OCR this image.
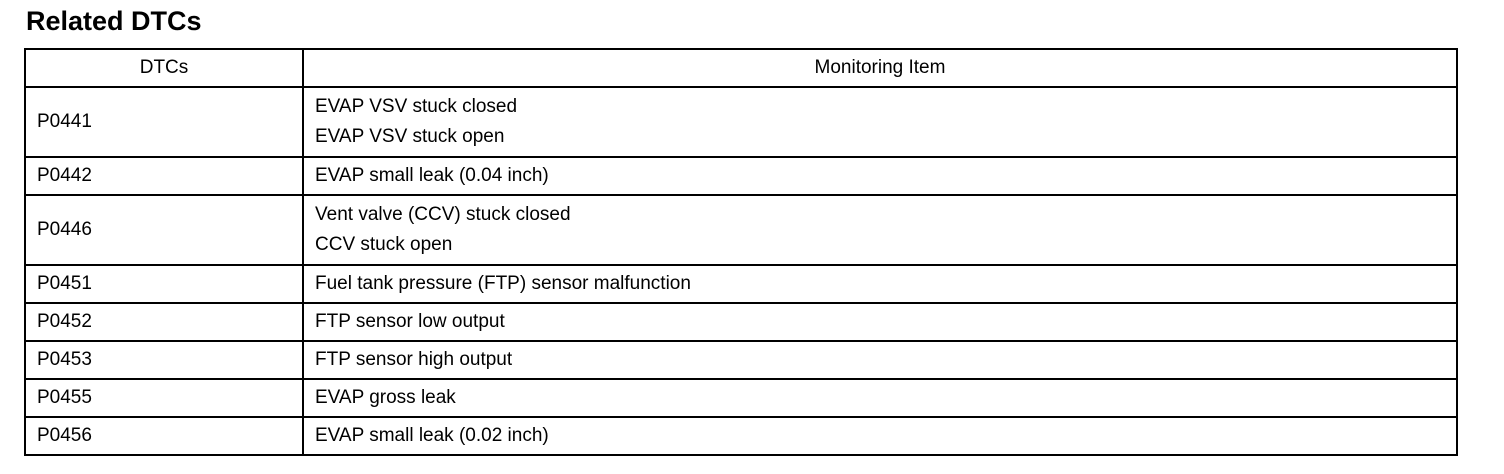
Related DTCs
DTCs	Monitoring Item
P0441	EVAP VSV stuck closed
EVAP VSV stuck open

P0442	EVAP small leak (0.04 inch)

P0446	Vent valve (CCV) stuck closed
CCV stuck open

P0451	Fuel tank pressure (FTP) sensor malfunction

P0452	FTP sensor low output

P0453	FTP sensor high output

P0455	EVAP gross leak

P0456	EVAP small leak (0.02 inch)
